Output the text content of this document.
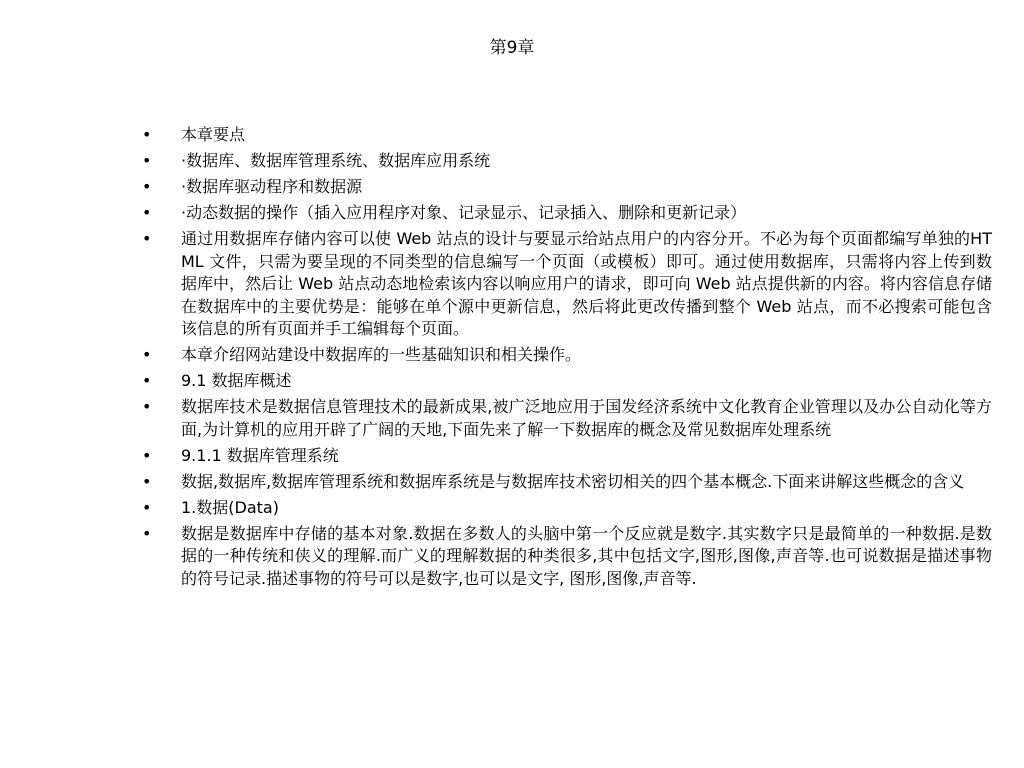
第9章
• 本章要点
• ·数据库、数据库管理系统、数据库应用系统
• ·数据库驱动程序和数据源
• ·动态数据的操作（插入应用程序对象、记录显示、记录插入、删除和更新记录）
• 通过用数据库存储内容可以使 Web 站点的设计与要显示给站点用户的内容分开。不必为每个页面都编写单独的HTML 文件，只需为要呈现的不同类型的信息编写一个页面（或模板）即可。通过使用数据库，只需将内容上传到数据库中，然后让 Web 站点动态地检索该内容以响应用户的请求，即可向 Web 站点提供新的内容。将内容信息存储在数据库中的主要优势是：能够在单个源中更新信息，然后将此更改传播到整个 Web 站点，而不必搜索可能包含该信息的所有页面并手工编辑每个页面。
• 本章介绍网站建设中数据库的一些基础知识和相关操作。
• 9.1 数据库概述
• 数据库技术是数据信息管理技术的最新成果,被广泛地应用于国发经济系统中文化教育企业管理以及办公自动化等方面,为计算机的应用开辟了广阔的天地,下面先来了解一下数据库的概念及常见数据库处理系统
• 9.1.1 数据库管理系统
• 数据,数据库,数据库管理系统和数据库系统是与数据库技术密切相关的四个基本概念.下面来讲解这些概念的含义
• 1.数据(Data)
• 数据是数据库中存储的基本对象.数据在多数人的头脑中第一个反应就是数字.其实数字只是最简单的一种数据.是数据的一种传统和侠义的理解.而广义的理解数据的种类很多,其中包括文字,图形,图像,声音等.也可说数据是描述事物的符号记录.描述事物的符号可以是数字,也可以是文字, 图形,图像,声音等.
